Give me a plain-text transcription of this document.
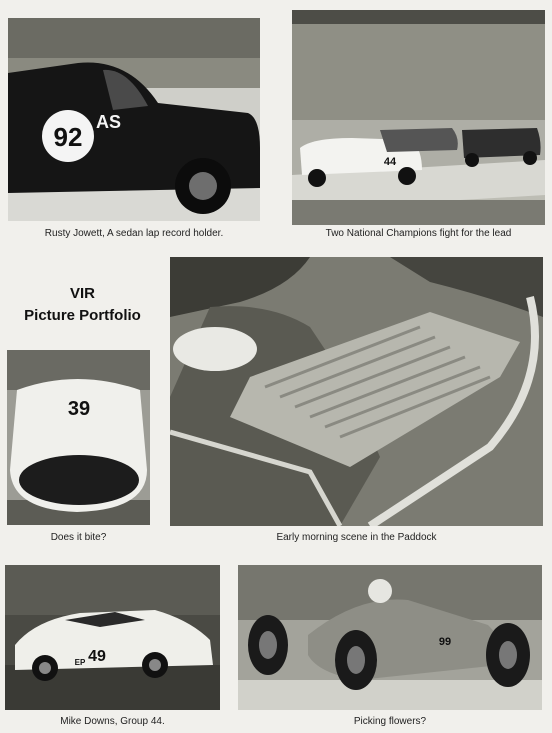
92 AS
Rusty Jowett, A sedan lap record holder.
44
Two National Champions fight for the lead
VIR
Picture Portfolio
Early morning scene in the Paddock
39
Does it bite?
49
EP
Mike Downs, Group 44.
99
Picking flowers?
